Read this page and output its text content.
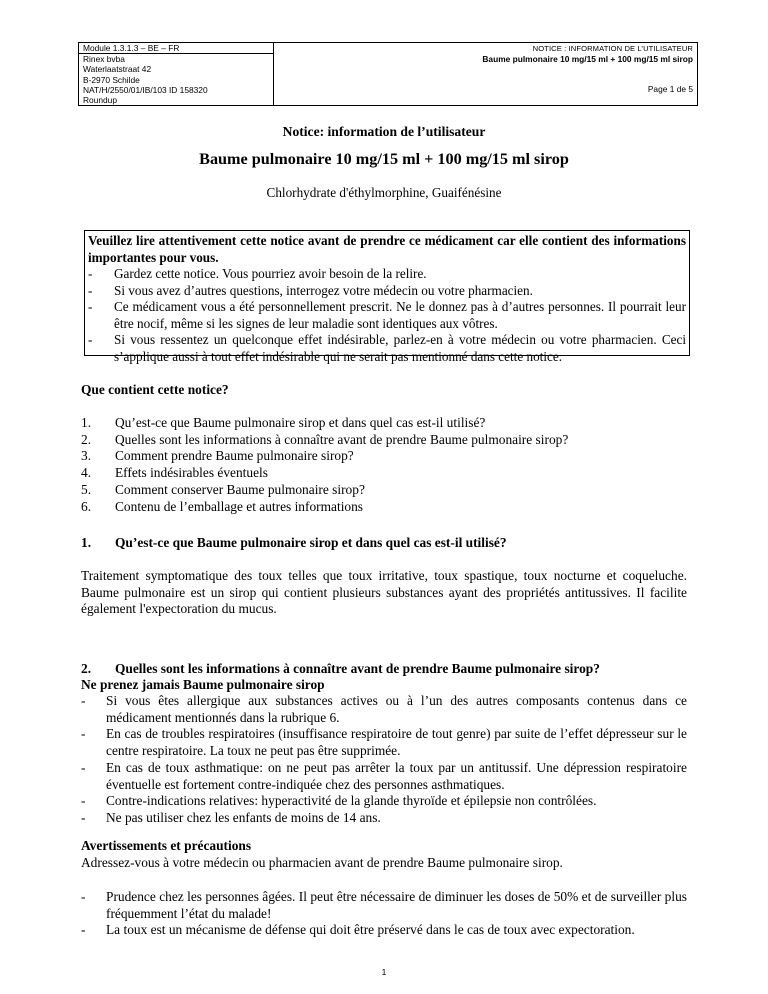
Module 1.3.1.3 – BE – FR	NOTICE : INFORMATION DE L’UTILISATEUR
Baume pulmonaire 10 mg/15 ml + 100 mg/15 ml sirop
Page 1 de 5

Rinex bvba
Waterlaatstraat 42
B-2970 Schilde
NAT/H/2550/01/IB/103 ID 158320
Roundup
Notice: information de l’utilisateur
Baume pulmonaire 10 mg/15 ml + 100 mg/15 ml sirop
Chlorhydrate d'éthylmorphine, Guaifénésine
Veuillez lire attentivement cette notice avant de prendre ce médicament car elle contient des informations importantes pour vous.
- Gardez cette notice. Vous pourriez avoir besoin de la relire.
- Si vous avez d’autres questions, interrogez votre médecin ou votre pharmacien.
- Ce médicament vous a été personnellement prescrit. Ne le donnez pas à d’autres personnes. Il pourrait leur être nocif, même si les signes de leur maladie sont identiques aux vôtres.
- Si vous ressentez un quelconque effet indésirable, parlez-en à votre médecin ou votre pharmacien. Ceci s’applique aussi à tout effet indésirable qui ne serait pas mentionné dans cette notice.
Que contient cette notice?
1. Qu’est-ce que Baume pulmonaire sirop et dans quel cas est-il utilisé?
2. Quelles sont les informations à connaître avant de prendre Baume pulmonaire sirop?
3. Comment prendre Baume pulmonaire sirop?
4. Effets indésirables éventuels
5. Comment conserver Baume pulmonaire sirop?
6. Contenu de l’emballage et autres informations
1. Qu’est-ce que Baume pulmonaire sirop et dans quel cas est-il utilisé?
Traitement symptomatique des toux telles que toux irritative, toux spastique, toux nocturne et coqueluche. Baume pulmonaire est un sirop qui contient plusieurs substances ayant des propriétés antitussives. Il facilite également l'expectoration du mucus.
2. Quelles sont les informations à connaître avant de prendre Baume pulmonaire sirop?
Ne prenez jamais Baume pulmonaire sirop
- Si vous êtes allergique aux substances actives ou à l’un des autres composants contenus dans ce médicament mentionnés dans la rubrique 6.
- En cas de troubles respiratoires (insuffisance respiratoire de tout genre) par suite de l’effet dépresseur sur le centre respiratoire. La toux ne peut pas être supprimée.
- En cas de toux asthmatique: on ne peut pas arrêter la toux par un antitussif. Une dépression respiratoire éventuelle est fortement contre-indiquée chez des personnes asthmatiques.
- Contre-indications relatives: hyperactivité de la glande thyroïde et épilepsie non contrôlées.
- Ne pas utiliser chez les enfants de moins de 14 ans.
Avertissements et précautions
Adressez-vous à votre médecin ou pharmacien avant de prendre Baume pulmonaire sirop.
- Prudence chez les personnes âgées. Il peut être nécessaire de diminuer les doses de 50% et de surveiller plus fréquemment l’état du malade!
- La toux est un mécanisme de défense qui doit être préservé dans le cas de toux avec expectoration.
1
